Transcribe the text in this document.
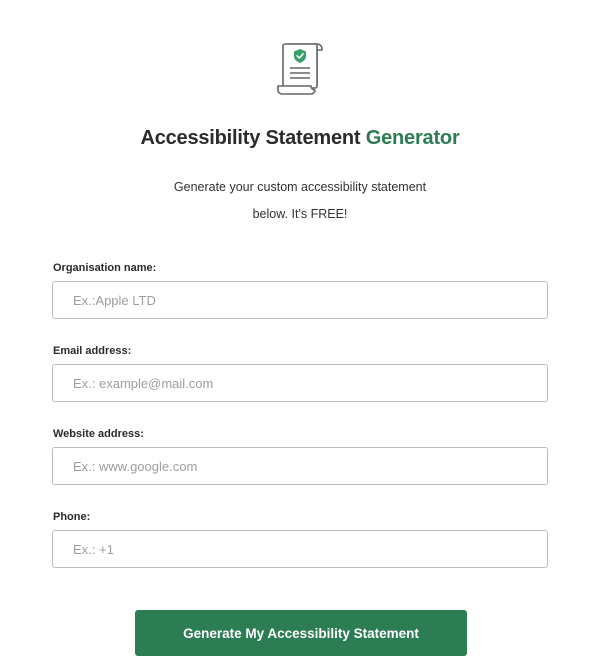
Accessibility Statement Generator
Generate your custom accessibility statement
below. It's FREE!
Organisation name:
Ex.:Apple LTD
Email address:
Ex.: example@mail.com
Website address:
Ex.: www.google.com
Phone:
Ex.: +1
Generate My Accessibility Statement
